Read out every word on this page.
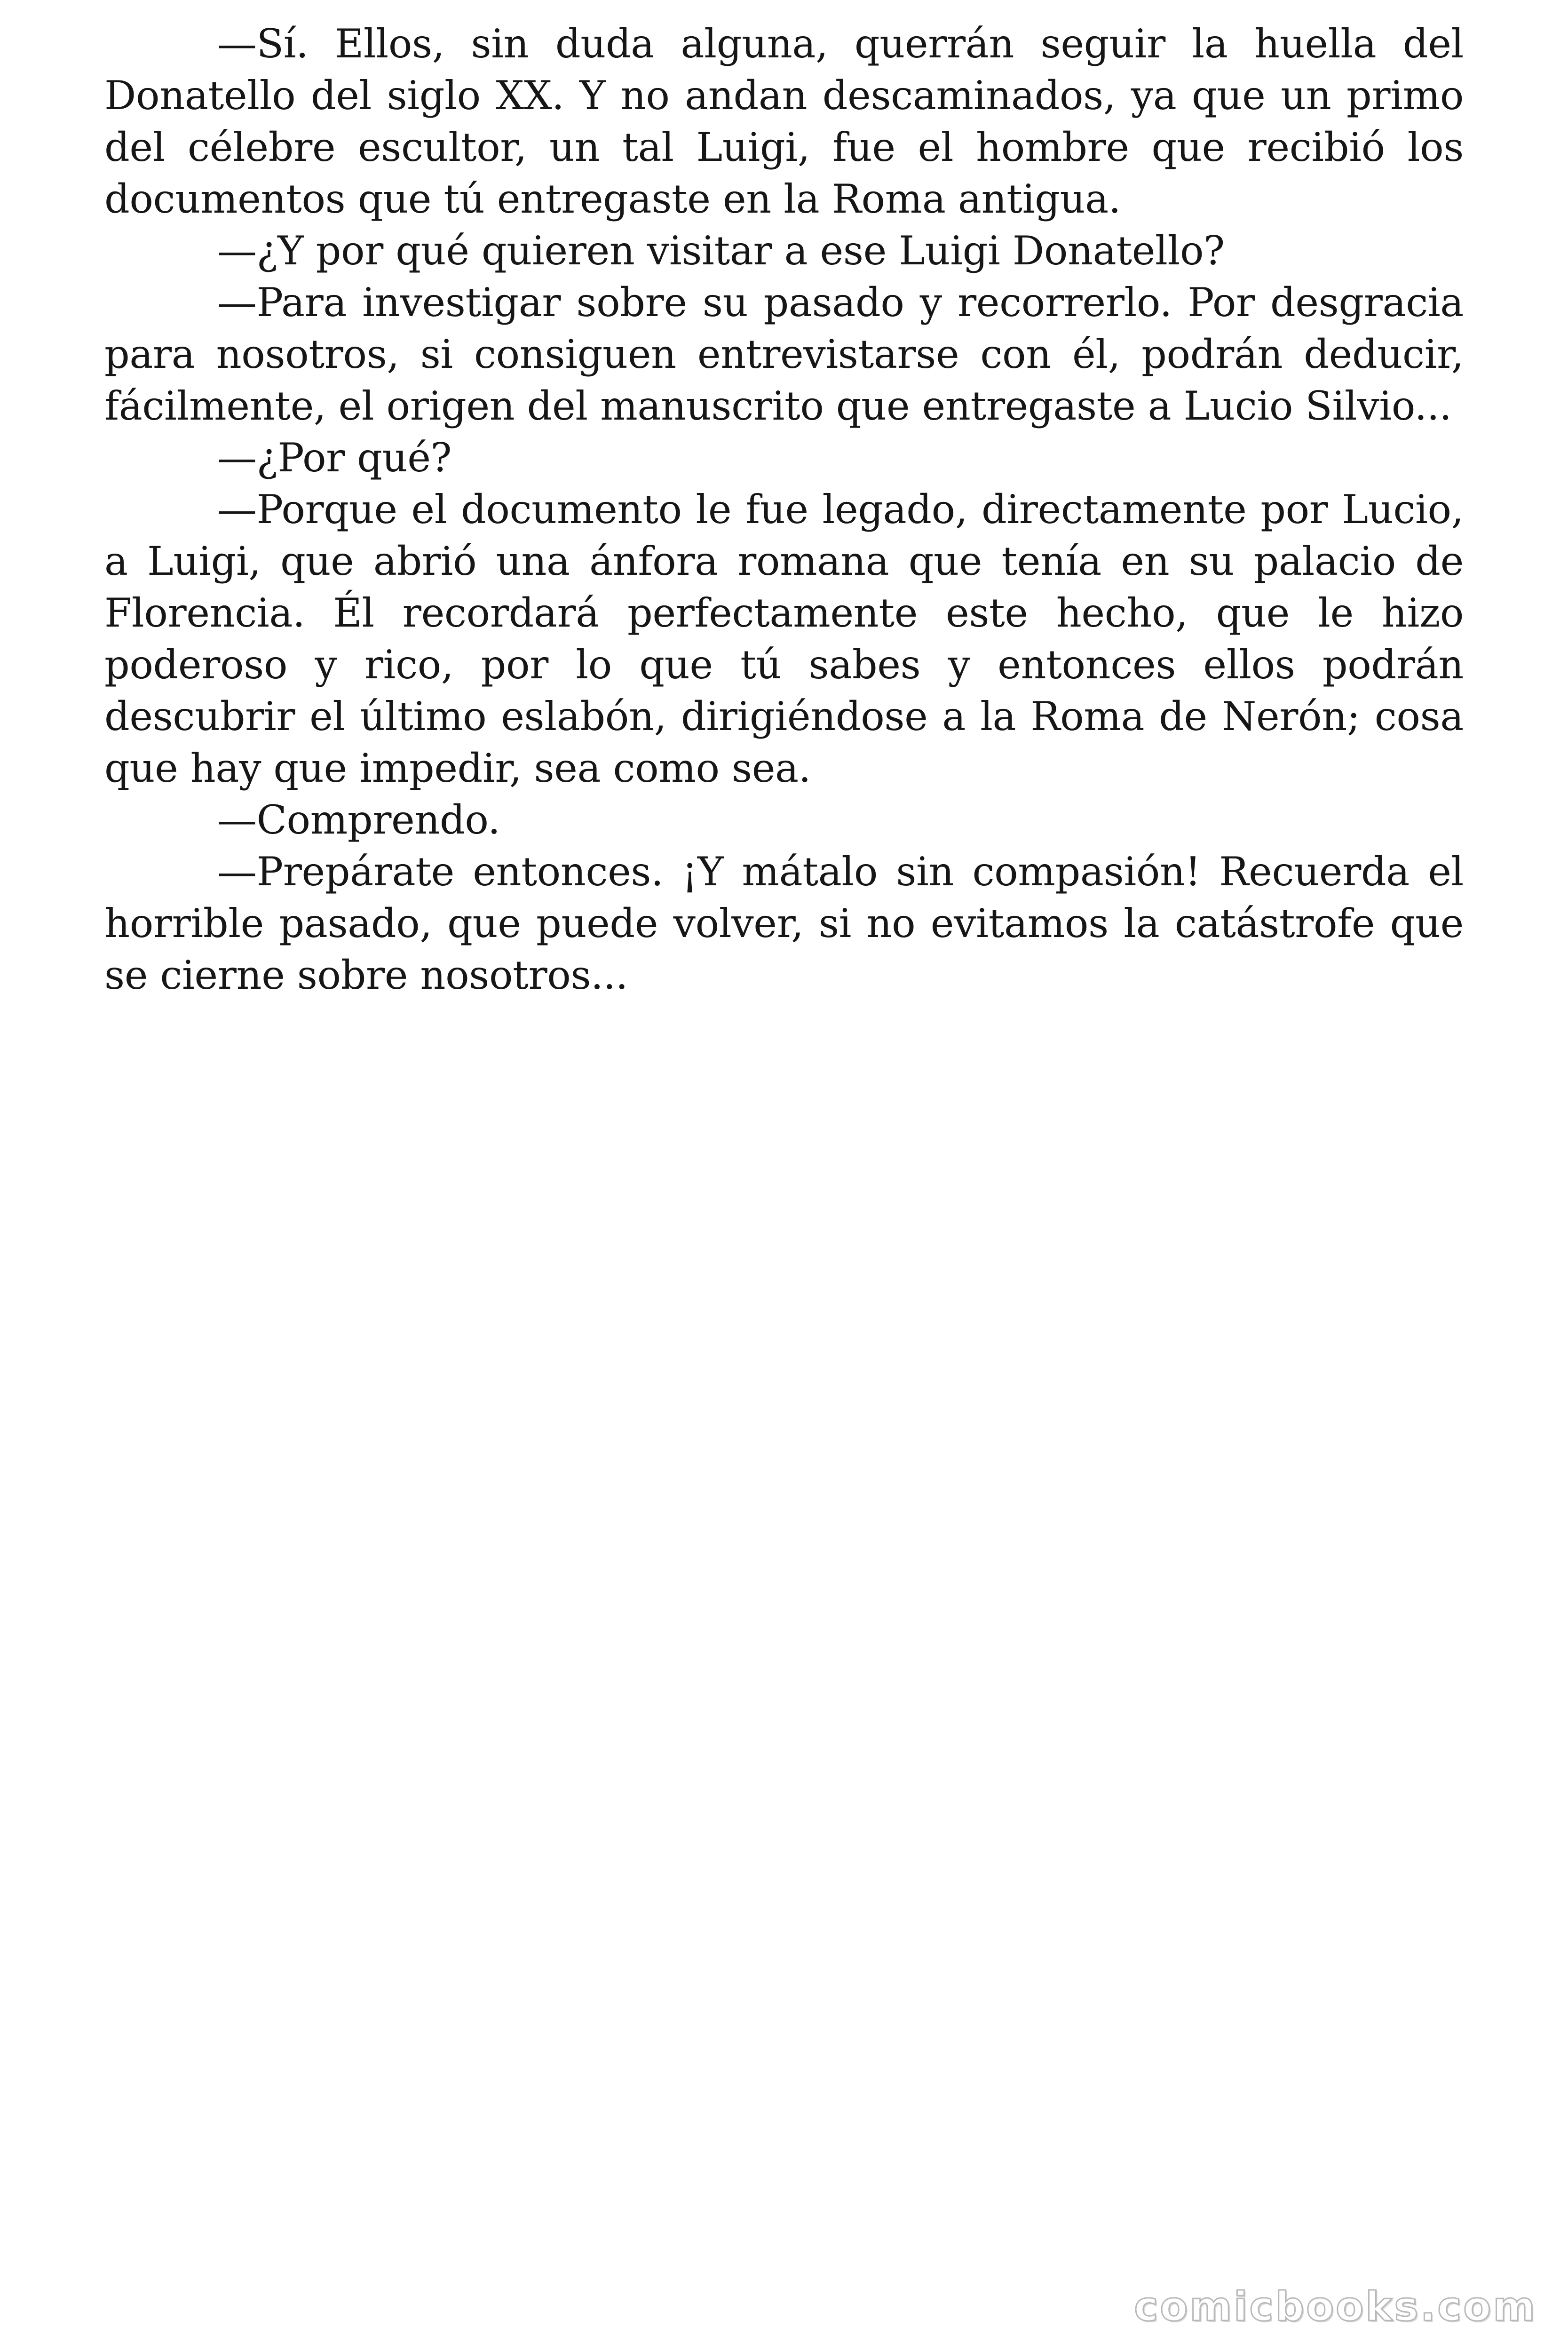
—Sí. Ellos, sin duda alguna, querrán seguir la huella del Donatello del siglo XX. Y no andan descaminados, ya que un primo del célebre escultor, un tal Luigi, fue el hombre que recibió los documentos que tú entregaste en la Roma antigua.

—¿Y por qué quieren visitar a ese Luigi Donatello?

—Para investigar sobre su pasado y recorrerlo. Por desgracia para nosotros, si consiguen entrevistarse con él, podrán deducir, fácilmente, el origen del manuscrito que entregaste a Lucio Silvio...

—¿Por qué?

—Porque el documento le fue legado, directamente por Lucio, a Luigi, que abrió una ánfora romana que tenía en su palacio de Florencia. Él recordará perfectamente este hecho, que le hizo poderoso y rico, por lo que tú sabes y entonces ellos podrán descubrir el último eslabón, dirigiéndose a la Roma de Nerón; cosa que hay que impedir, sea como sea.

—Comprendo.

—Prepárate entonces. ¡Y mátalo sin compasión! Recuerda el horrible pasado, que puede volver, si no evitamos la catástrofe que se cierne sobre nosotros...

comicbooks.com
